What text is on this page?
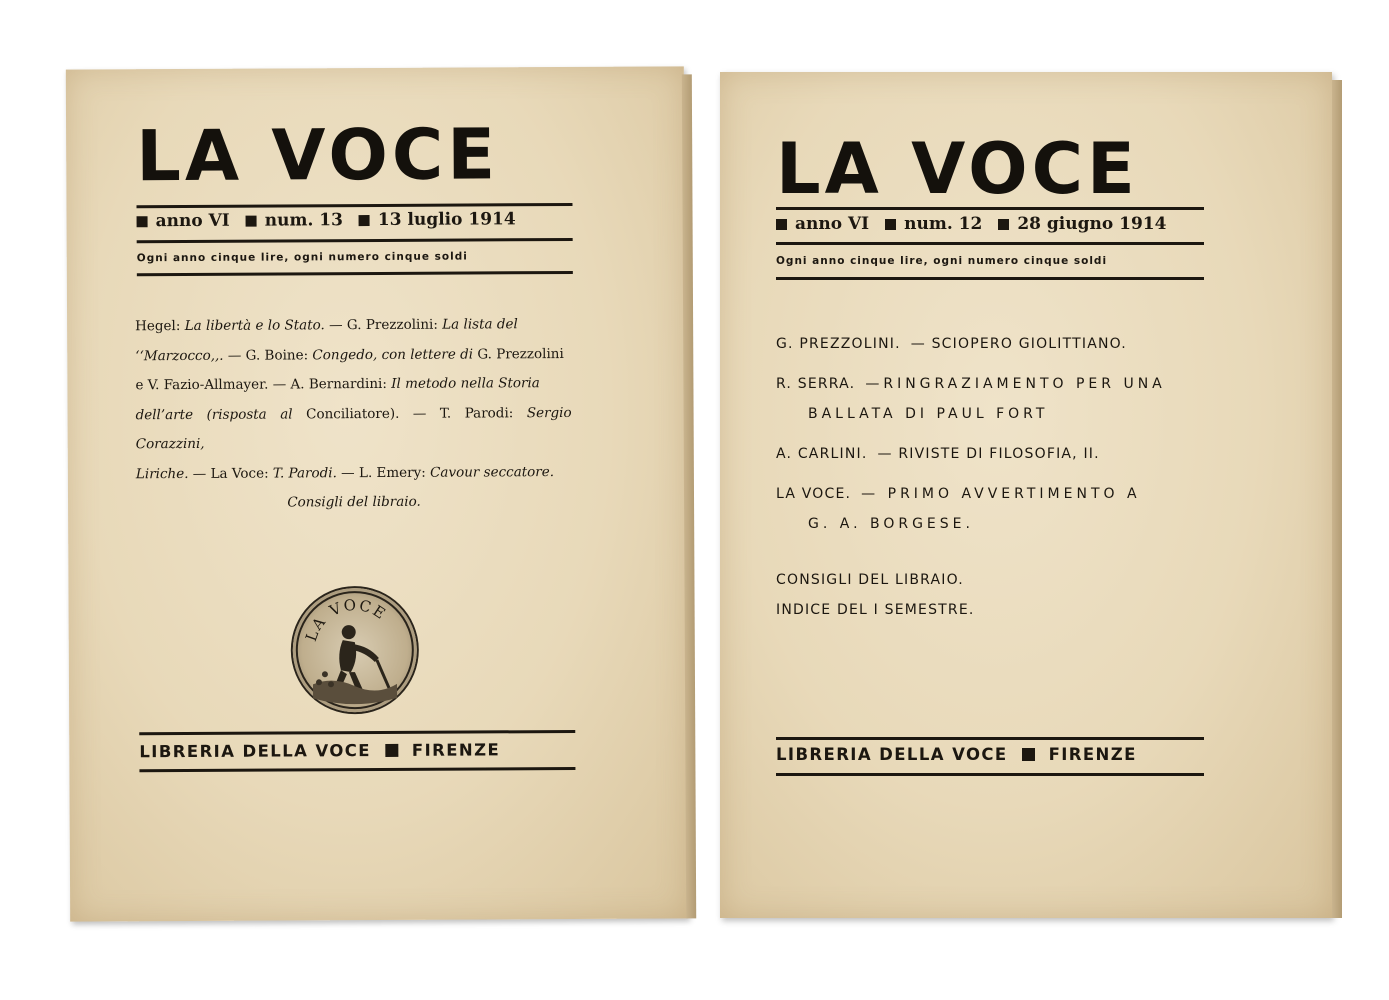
LA VOCE
anno VI num. 13 13 luglio 1914
Ogni anno cinque lire, ogni numero cinque soldi

Hegel: La libertà e lo Stato. — G. Prezzolini: La lista del

‘‘Marzocco,,. — G. Boine: Congedo, con lettere di G. Prezzolini

e V. Fazio-Allmayer. — A. Bernardini: Il metodo nella Storia

dell’arte (risposta al Conciliatore). — T. Parodi: Sergio Corazzini,

Liriche. — La Voce: T. Parodi. — L. Emery: Cavour seccatore.

Consigli del libraio.

LA VOCE
LIBRERIA DELLA VOCE FIRENZE
LA VOCE
anno VI num. 12 28 giugno 1914
Ogni anno cinque lire, ogni numero cinque soldi
G. PREZZOLINI. — SCIOPERO GIOLITTIANO.
R. SERRA. —RINGRAZIAMENTO PER UNA
BALLATA DI PAUL FORT
A. CARLINI. — RIVISTE DI FILOSOFIA, II.
LA VOCE. — PRIMO AVVERTIMENTO A
G. A. BORGESE.
CONSIGLI DEL LIBRAIO.
INDICE DEL I SEMESTRE.
LIBRERIA DELLA VOCE FIRENZE
